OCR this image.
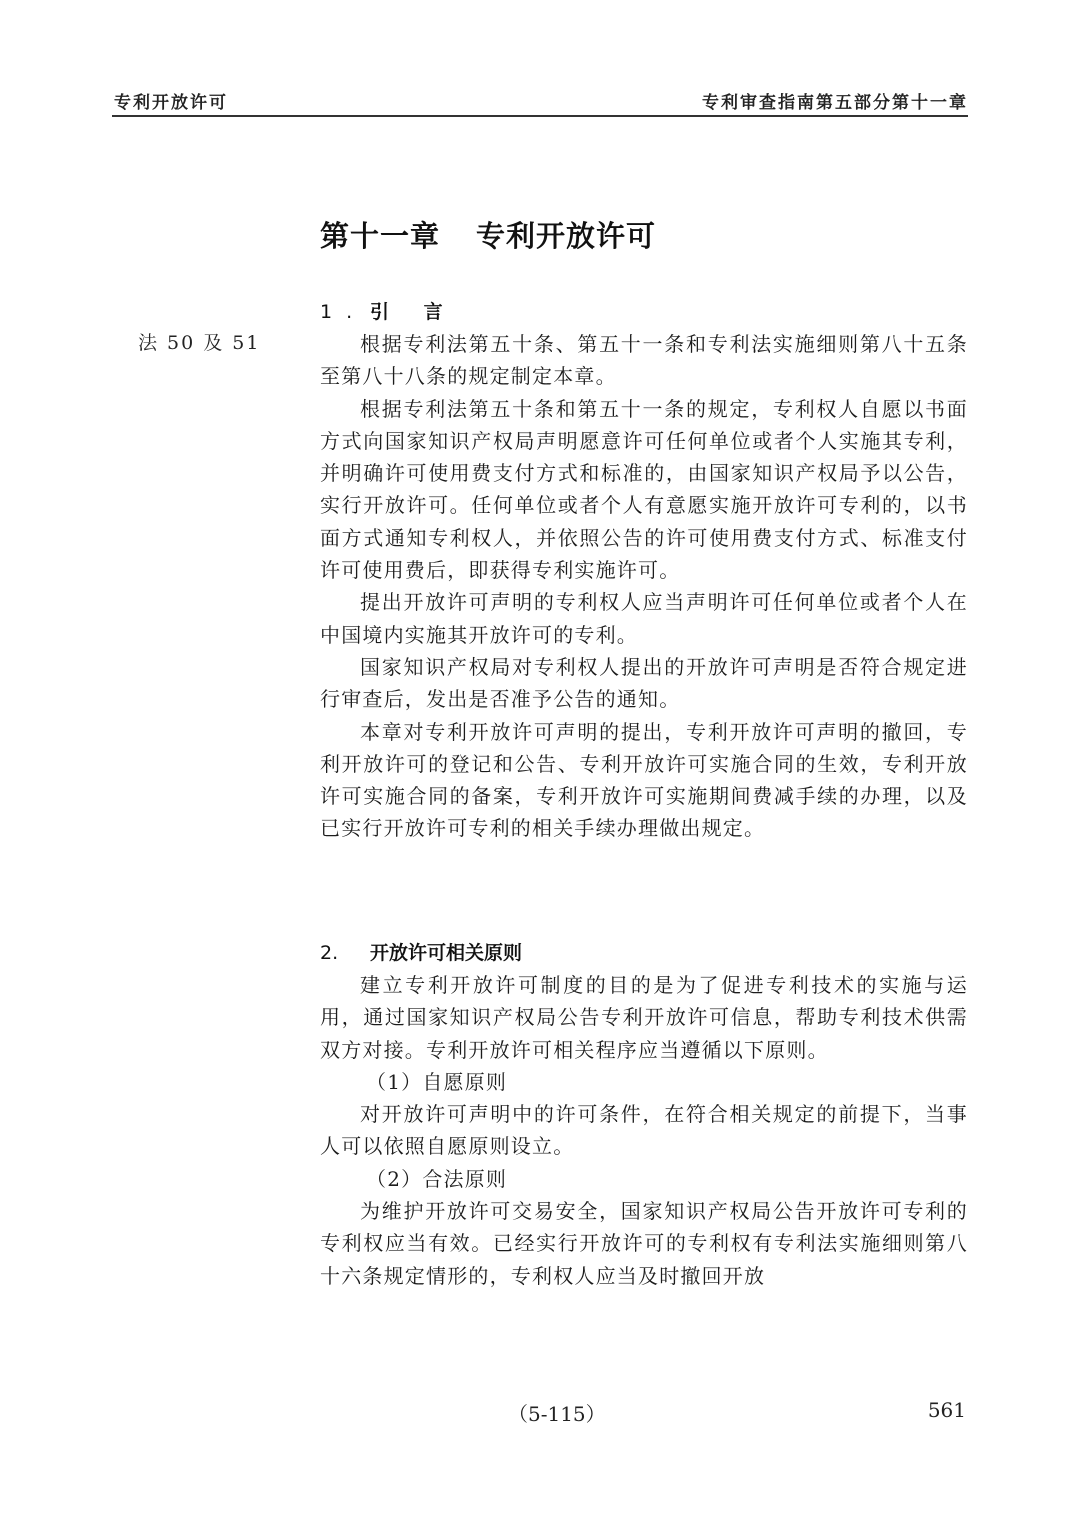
专利开放许可	专利审查指南第五部分第十一章
第十一章 专利开放许可
法 50 及 51
1. 引 言

根据专利法第五十条、第五十一条和专利法实施细则第八十五条至第八十八条的规定制定本章。

根据专利法第五十条和第五十一条的规定，专利权人自愿以书面方式向国家知识产权局声明愿意许可任何单位或者个人实施其专利，并明确许可使用费支付方式和标准的，由国家知识产权局予以公告，实行开放许可。任何单位或者个人有意愿实施开放许可专利的，以书面方式通知专利权人，并依照公告的许可使用费支付方式、标准支付许可使用费后，即获得专利实施许可。

提出开放许可声明的专利权人应当声明许可任何单位或者个人在中国境内实施其开放许可的专利。

国家知识产权局对专利权人提出的开放许可声明是否符合规定进行审查后，发出是否准予公告的通知。

本章对专利开放许可声明的提出，专利开放许可声明的撤回，专利开放许可的登记和公告、专利开放许可实施合同的生效，专利开放许可实施合同的备案，专利开放许可实施期间费减手续的办理，以及已实行开放许可专利的相关手续办理做出规定。

2. 开放许可相关原则

建立专利开放许可制度的目的是为了促进专利技术的实施与运用，通过国家知识产权局公告专利开放许可信息，帮助专利技术供需双方对接。专利开放许可相关程序应当遵循以下原则。

（1）自愿原则

对开放许可声明中的许可条件，在符合相关规定的前提下，当事人可以依照自愿原则设立。

（2）合法原则

为维护开放许可交易安全，国家知识产权局公告开放许可专利的专利权应当有效。已经实行开放许可的专利权有专利法实施细则第八十六条规定情形的，专利权人应当及时撤回开放

（5-115）	561
